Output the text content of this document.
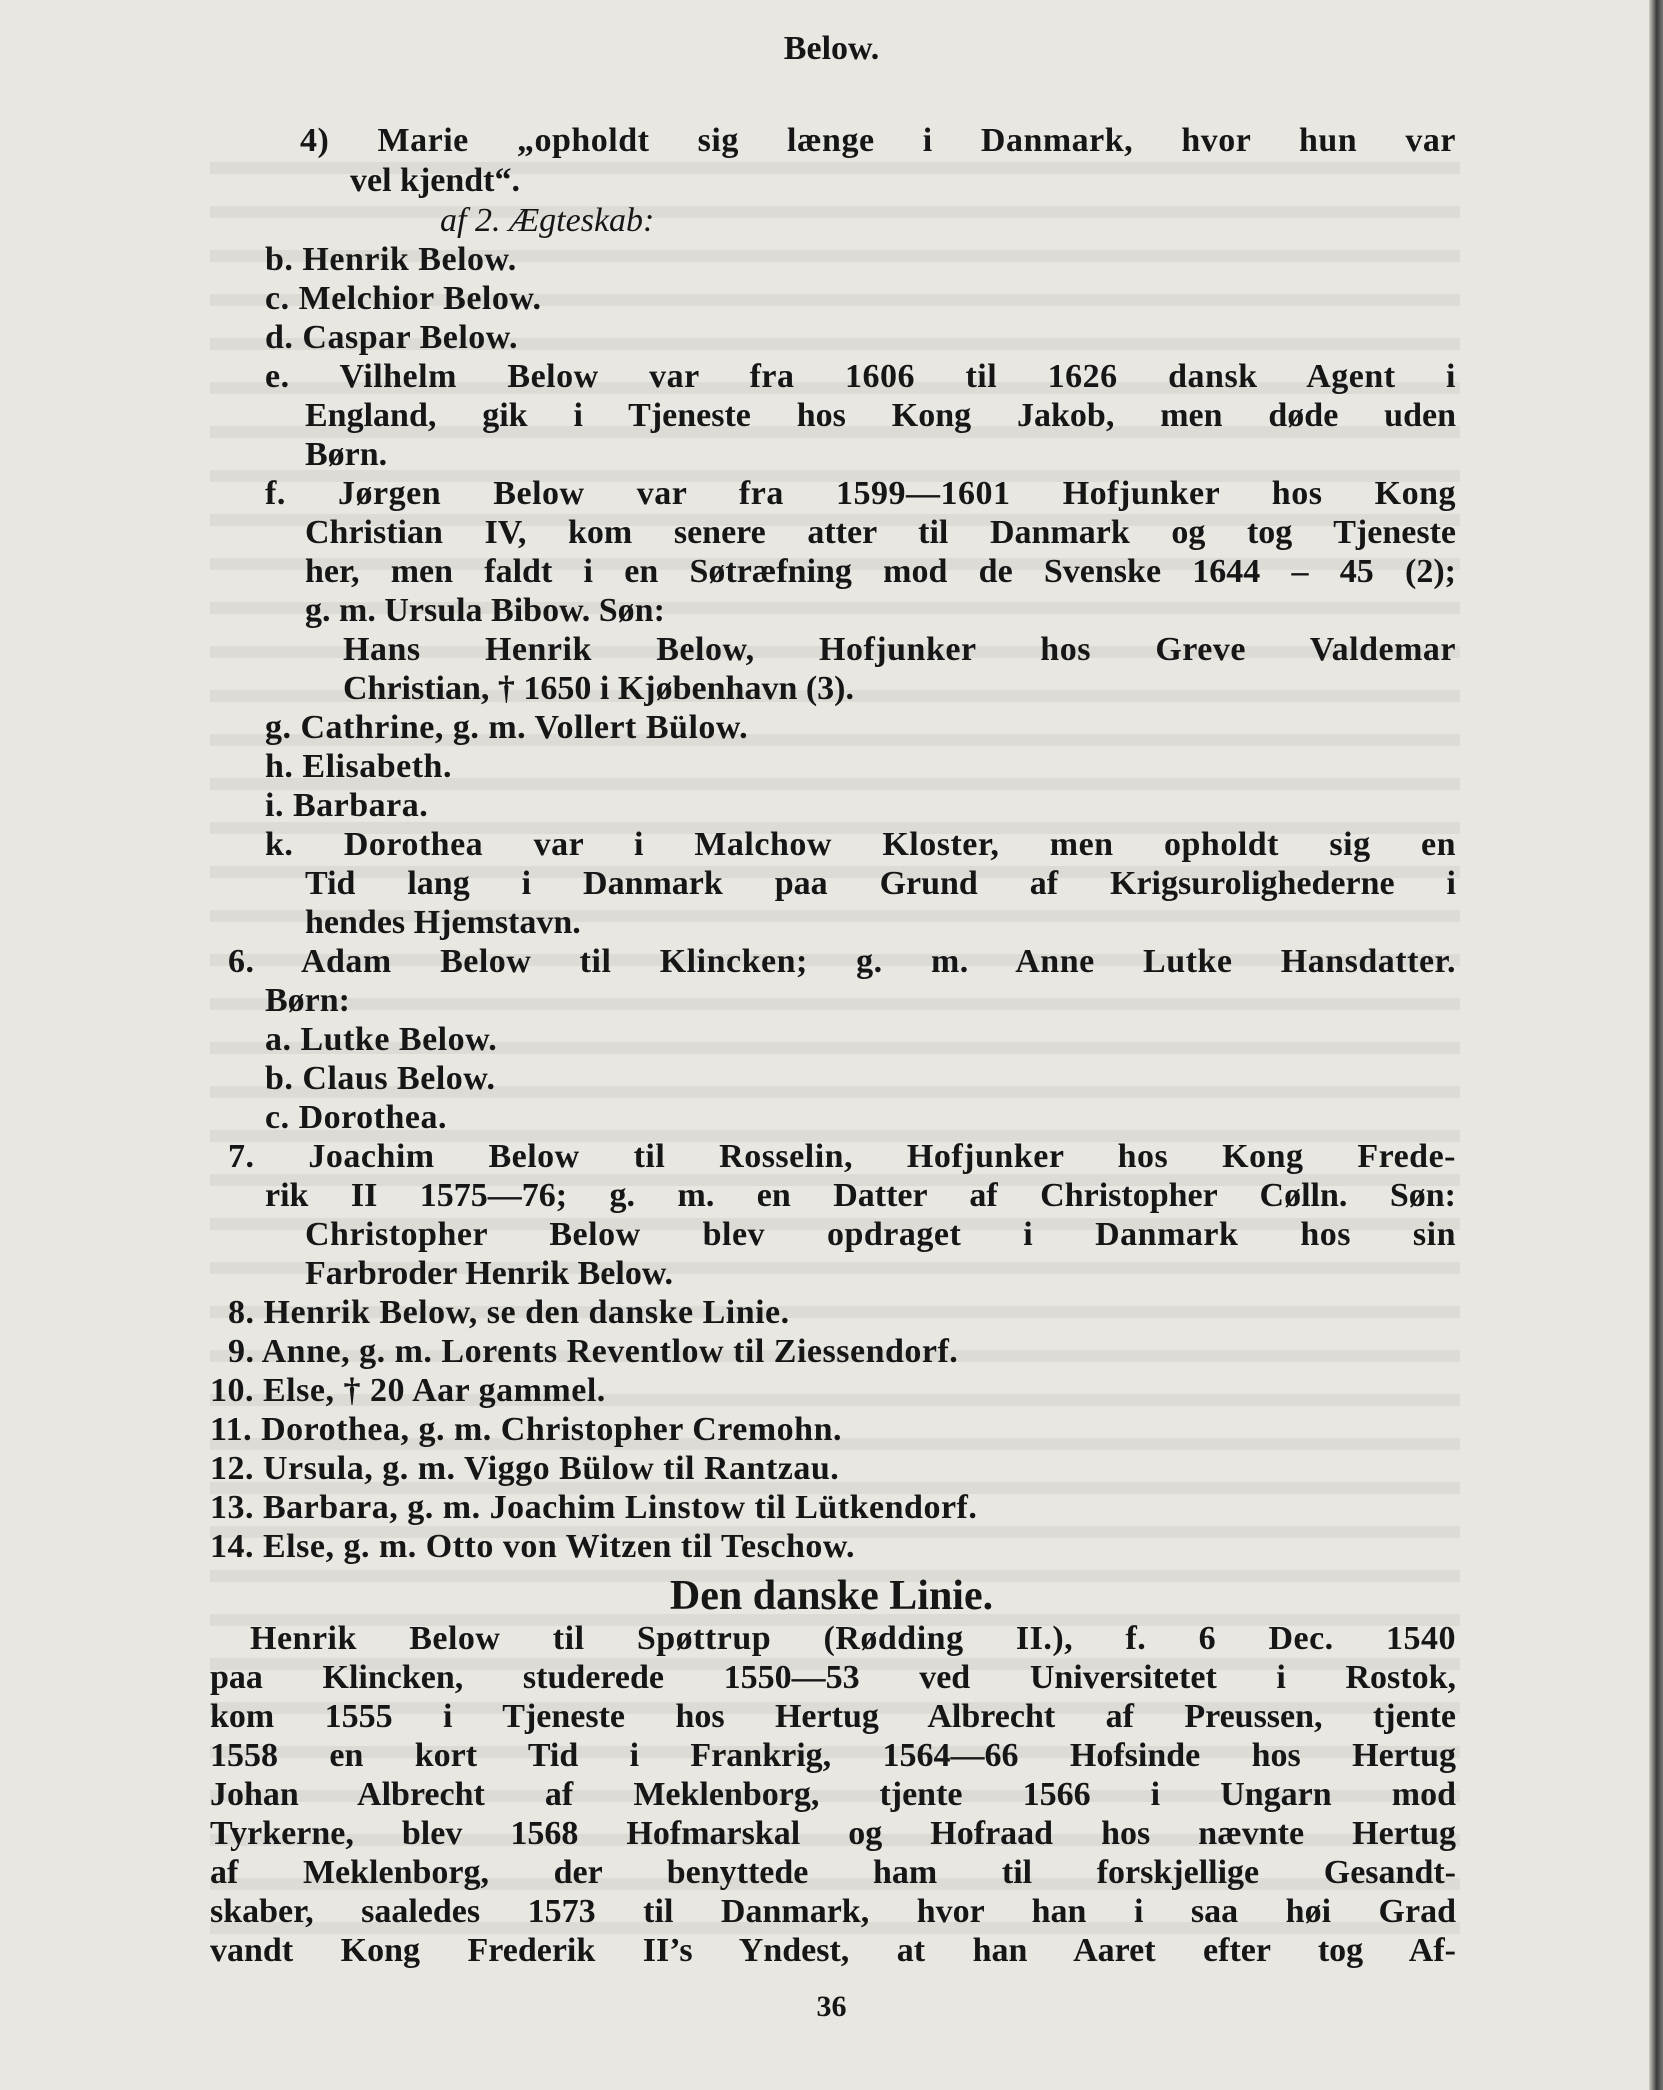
Below.
4) Marie „opholdt sig længe i Danmark, hvor hun var
vel kjendt“.
af 2. Ægteskab:
b. Henrik Below.
c. Melchior Below.
d. Caspar Below.
e. Vilhelm Below var fra 1606 til 1626 dansk Agent i
England, gik i Tjeneste hos Kong Jakob, men døde uden
Børn.
f. Jørgen Below var fra 1599—1601 Hofjunker hos Kong
Christian IV, kom senere atter til Danmark og tog Tjeneste
her, men faldt i en Søtræfning mod de Svenske 1644 – 45 (2);
g. m. Ursula Bibow. Søn:
Hans Henrik Below, Hofjunker hos Greve Valdemar
Christian, † 1650 i Kjøbenhavn (3).
g. Cathrine, g. m. Vollert Bülow.
h. Elisabeth.
i. Barbara.
k. Dorothea var i Malchow Kloster, men opholdt sig en
Tid lang i Danmark paa Grund af Krigsurolighederne i
hendes Hjemstavn.
6. Adam Below til Klincken; g. m. Anne Lutke Hansdatter.
Børn:
a. Lutke Below.
b. Claus Below.
c. Dorothea.
7. Joachim Below til Rosselin, Hofjunker hos Kong Frede-
rik II 1575—76; g. m. en Datter af Christopher Cølln. Søn:
Christopher Below blev opdraget i Danmark hos sin
Farbroder Henrik Below.
8. Henrik Below, se den danske Linie.
9. Anne, g. m. Lorents Reventlow til Ziessendorf.
10. Else, † 20 Aar gammel.
11. Dorothea, g. m. Christopher Cremohn.
12. Ursula, g. m. Viggo Bülow til Rantzau.
13. Barbara, g. m. Joachim Linstow til Lütkendorf.
14. Else, g. m. Otto von Witzen til Teschow.
Den danske Linie.
Henrik Below til Spøttrup (Rødding II.), f. 6 Dec. 1540
paa Klincken, studerede 1550—53 ved Universitetet i Rostok,
kom 1555 i Tjeneste hos Hertug Albrecht af Preussen, tjente
1558 en kort Tid i Frankrig, 1564—66 Hofsinde hos Hertug
Johan Albrecht af Meklenborg, tjente 1566 i Ungarn mod
Tyrkerne, blev 1568 Hofmarskal og Hofraad hos nævnte Hertug
af Meklenborg, der benyttede ham til forskjellige Gesandt-
skaber, saaledes 1573 til Danmark, hvor han i saa høi Grad
vandt Kong Frederik II’s Yndest, at han Aaret efter tog Af-
36
